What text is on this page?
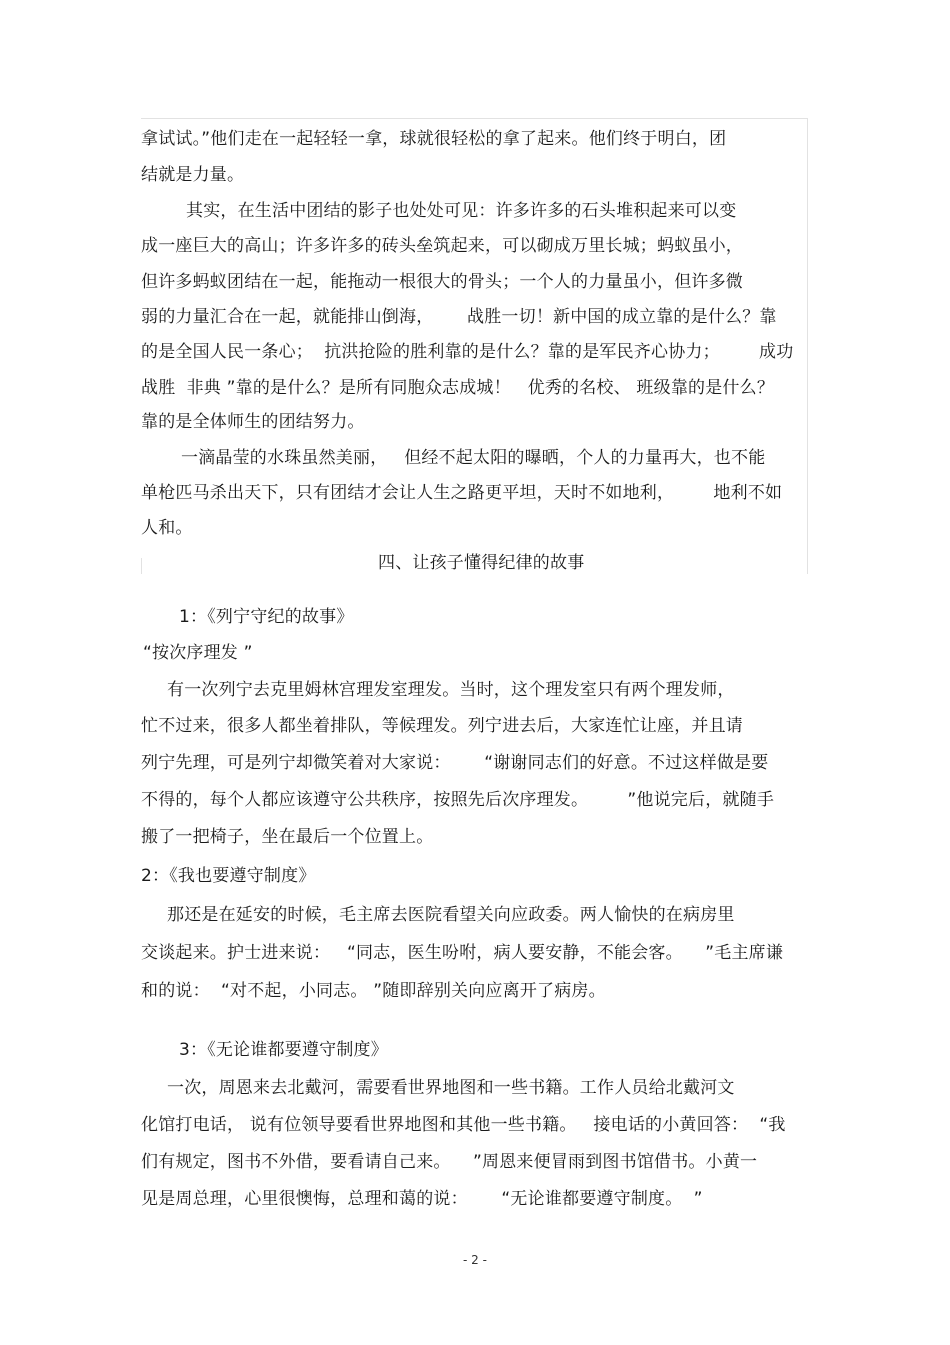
拿试试。”他们走在一起轻轻一拿，球就很轻松的拿了起来。他们终于明白，团
结就是力量。
其实，在生活中团结的影子也处处可见：许多许多的石头堆积起来可以变
成一座巨大的高山；许多许多的砖头垒筑起来，可以砌成万里长城；蚂蚁虽小，
但许多蚂蚁团结在一起，能拖动一根很大的骨头；一个人的力量虽小，但许多微
弱的力量汇合在一起，就能排山倒海，      战胜一切！新中国的成立靠的是什么？靠
的是全国人民一条心；  抗洪抢险的胜利靠的是什么？靠的是军民齐心协力；       成功
战胜  非典 ”靠的是什么？是所有同胞众志成城！   优秀的名校、 班级靠的是什么？
靠的是全体师生的团结努力。
一滴晶莹的水珠虽然美丽，   但经不起太阳的曝晒，个人的力量再大，也不能
单枪匹马杀出天下，只有团结才会让人生之路更平坦，天时不如地利，       地利不如
人和。
四、让孩子懂得纪律的故事
1：《列宁守纪的故事》
“按次序理发 ”
有一次列宁去克里姆林宫理发室理发。当时，这个理发室只有两个理发师，
忙不过来，很多人都坐着排队，等候理发。列宁进去后，大家连忙让座，并且请
列宁先理，可是列宁却微笑着对大家说：      “谢谢同志们的好意。不过这样做是要
不得的，每个人都应该遵守公共秩序，按照先后次序理发。       ”他说完后，就随手
搬了一把椅子，坐在最后一个位置上。
2：《我也要遵守制度》
那还是在延安的时候，毛主席去医院看望关向应政委。两人愉快的在病房里
交谈起来。护士进来说：   “同志，医生吩咐，病人要安静，不能会客。    ”毛主席谦
和的说：  “对不起，小同志。 ”随即辞别关向应离开了病房。
3：《无论谁都要遵守制度》
一次，周恩来去北戴河，需要看世界地图和一些书籍。工作人员给北戴河文
化馆打电话， 说有位领导要看世界地图和其他一些书籍。   接电话的小黄回答：  “我
们有规定，图书不外借，要看请自己来。    ”周恩来便冒雨到图书馆借书。小黄一
见是周总理，心里很懊悔，总理和蔼的说：      “无论谁都要遵守制度。  ”
- 2 -
